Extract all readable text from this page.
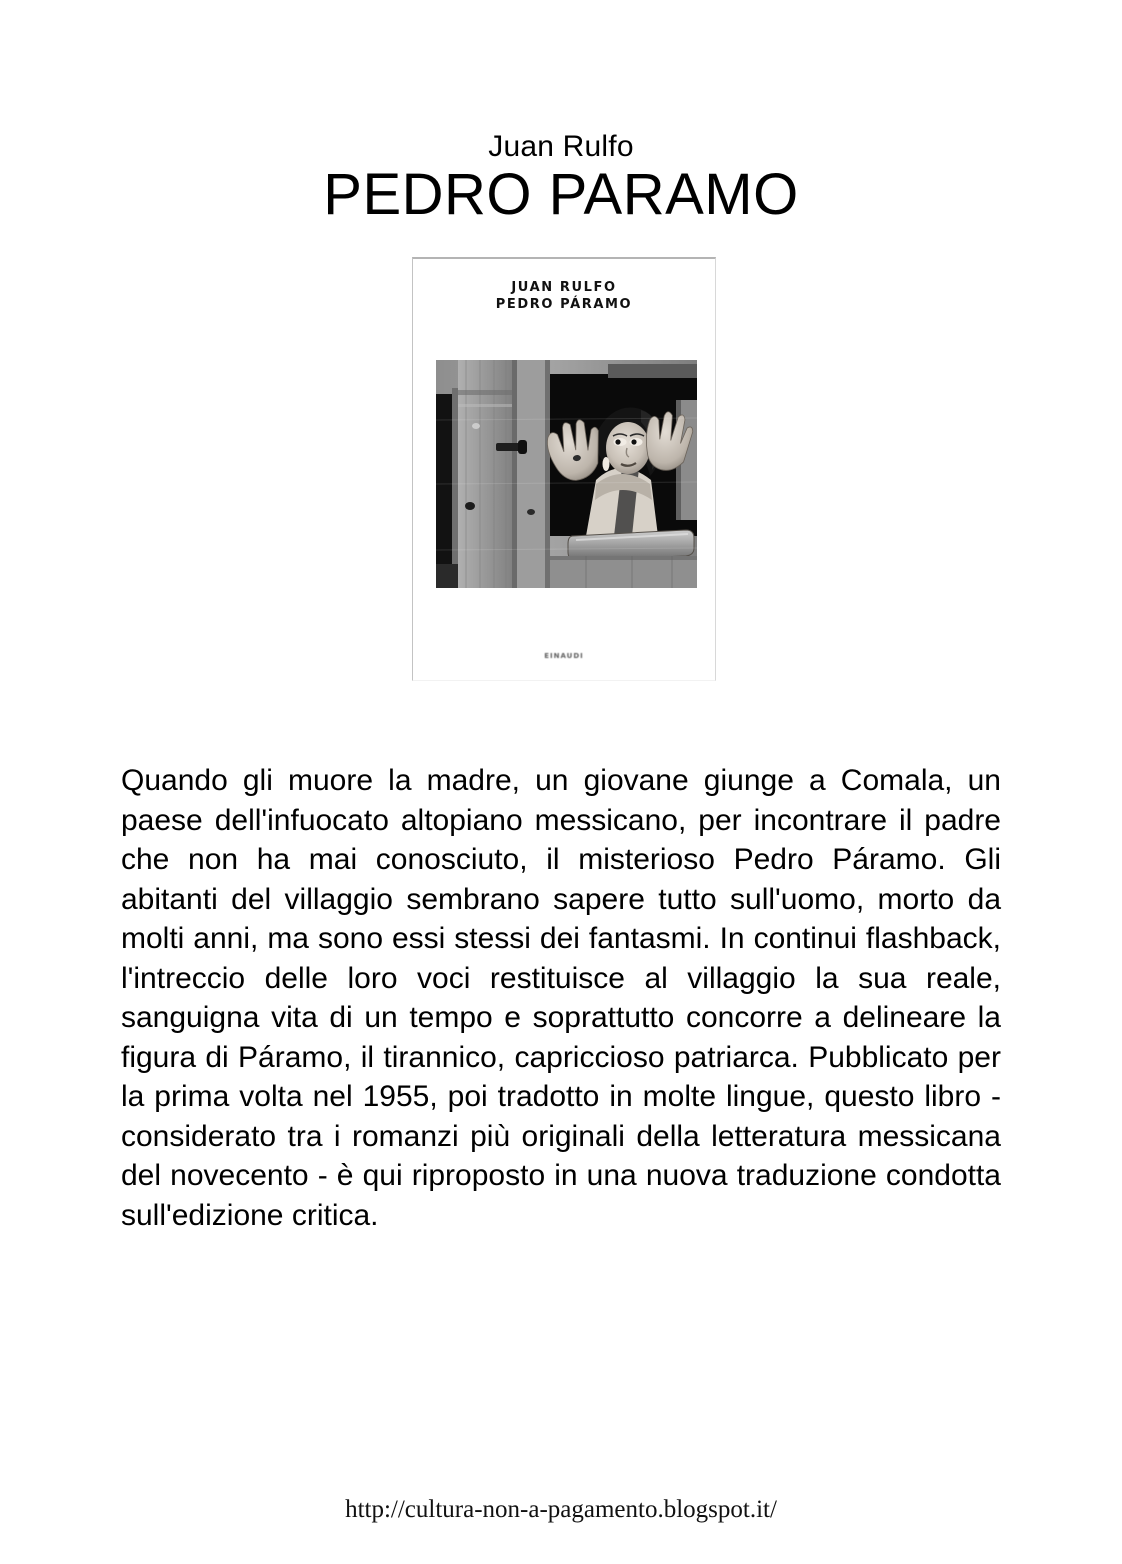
Juan Rulfo
PEDRO PARAMO
JUAN RULFO
PEDRO PÁRAMO
EINAUDI

Quando gli muore la madre, un giovane giunge a Comala, un paese dell'infuocato altopiano messicano, per incontrare il padre che non ha mai conosciuto, il misterioso Pedro Páramo. Gli abitanti del villaggio sembrano sapere tutto sull'uomo, morto da molti anni, ma sono essi stessi dei fantasmi. In continui flashback, l'intreccio delle loro voci restituisce al villaggio la sua reale, sanguigna vita di un tempo e soprattutto concorre a delineare la figura di Páramo, il tirannico, capriccioso patriarca. Pubblicato per la prima volta nel 1955, poi tradotto in molte lingue, questo libro - considerato tra i romanzi più originali della letteratura messicana del novecento - è qui riproposto in una nuova traduzione condotta sull'edizione critica.

http://cultura-non-a-pagamento.blogspot.it/
